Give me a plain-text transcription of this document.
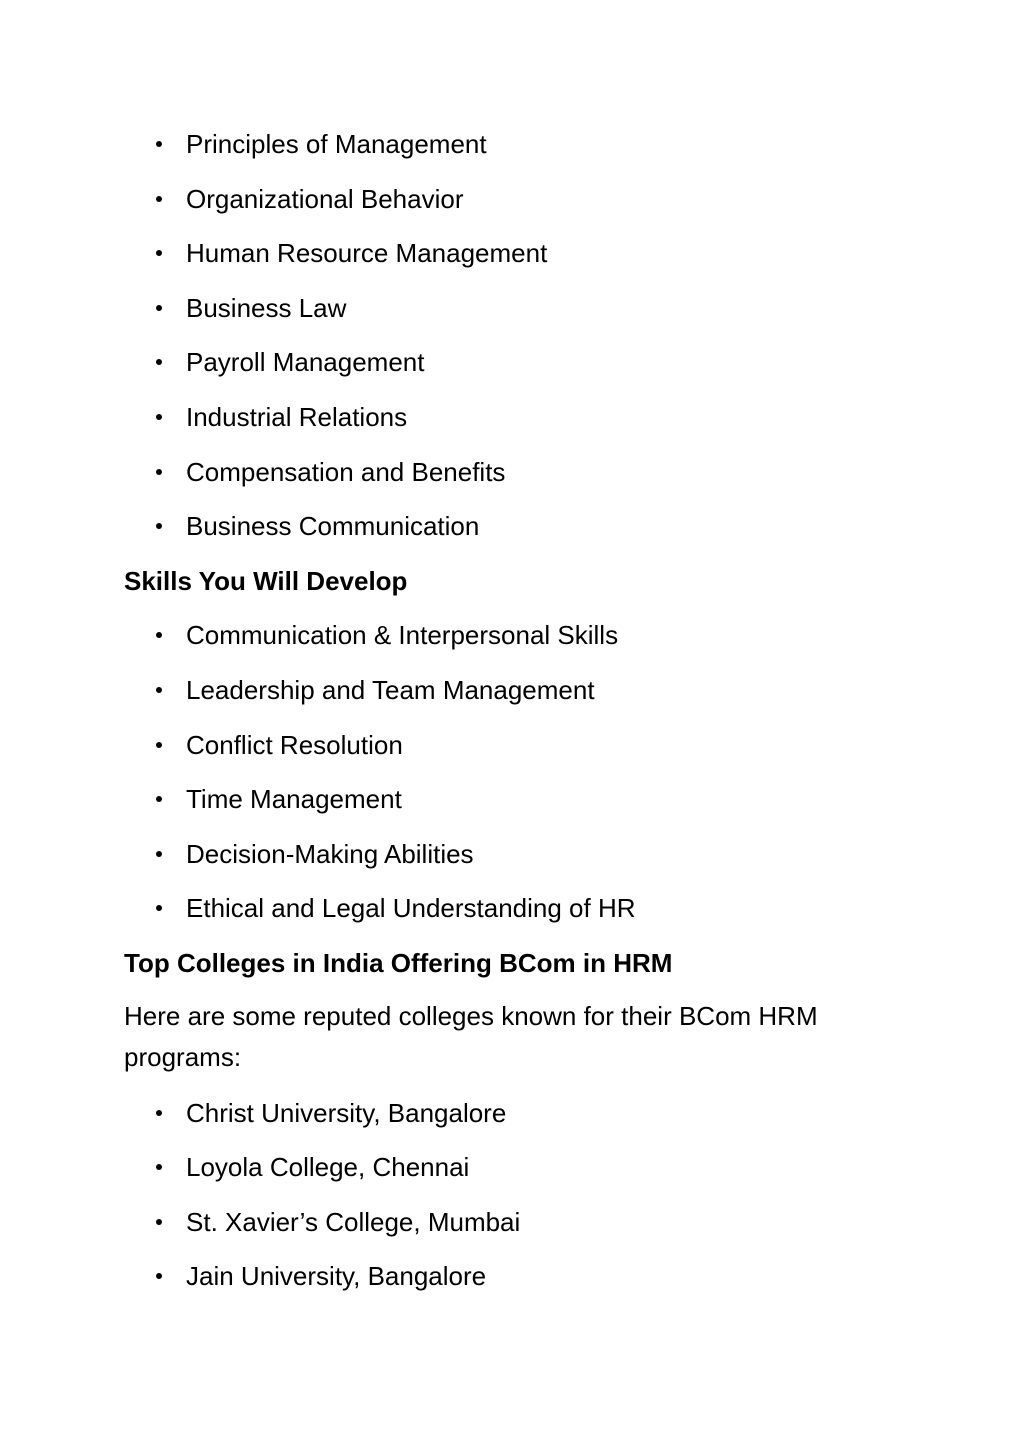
Principles of Management
Organizational Behavior
Human Resource Management
Business Law
Payroll Management
Industrial Relations
Compensation and Benefits
Business Communication
Skills You Will Develop
Communication & Interpersonal Skills
Leadership and Team Management
Conflict Resolution
Time Management
Decision-Making Abilities
Ethical and Legal Understanding of HR
Top Colleges in India Offering BCom in HRM

Here are some reputed colleges known for their BCom HRM programs:

Christ University, Bangalore
Loyola College, Chennai
St. Xavier’s College, Mumbai
Jain University, Bangalore
